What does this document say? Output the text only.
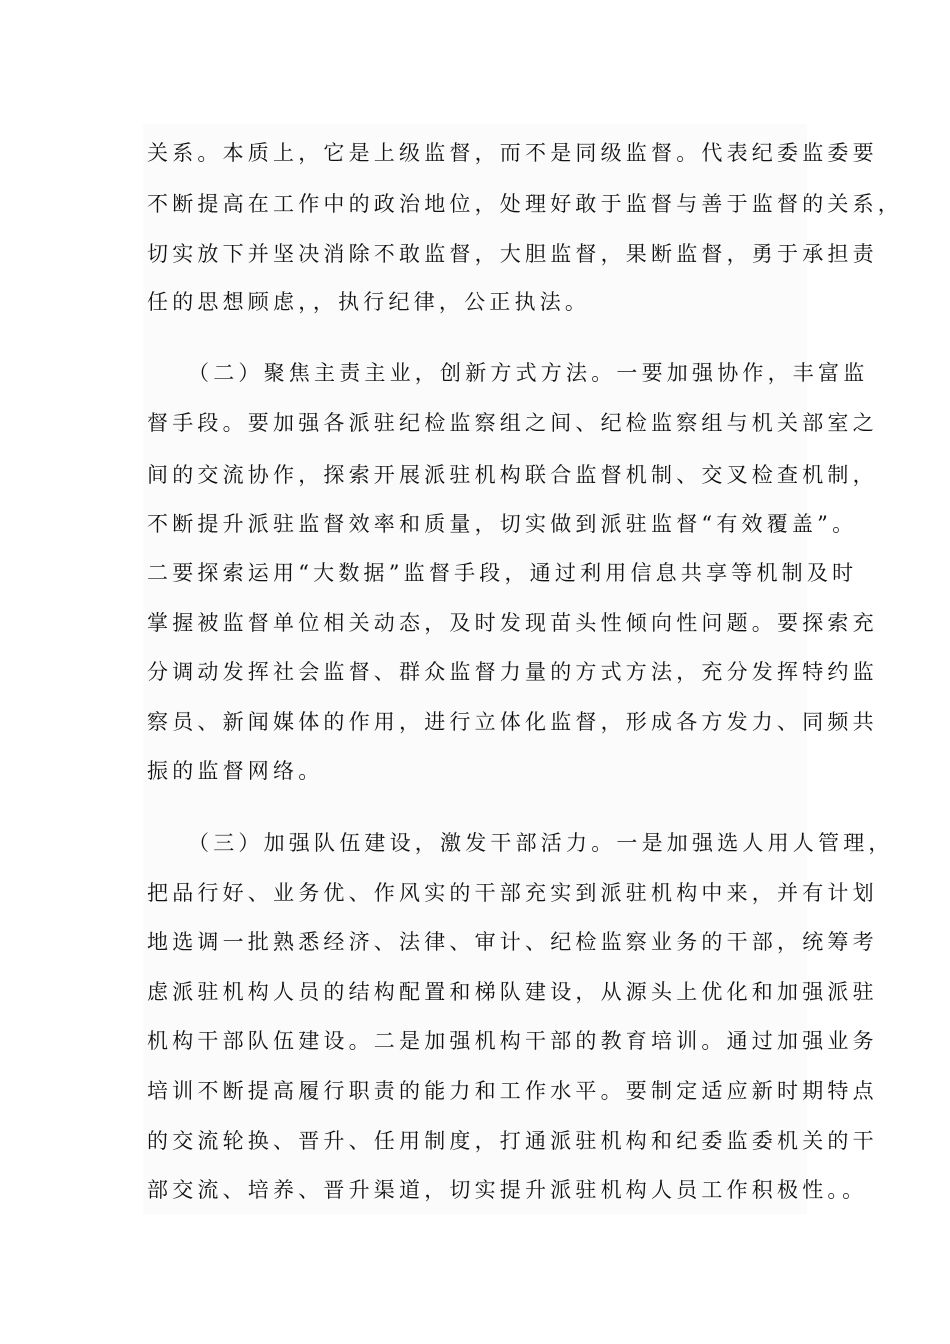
关系。本质上，它是上级监督，而不是同级监督。代表纪委监委要
不断提高在工作中的政治地位，处理好敢于监督与善于监督的关系，
切实放下并坚决消除不敢监督，大胆监督，果断监督，勇于承担责
任的思想顾虑，，执行纪律，公正执法。
（二）聚焦主责主业，创新方式方法。一要加强协作，丰富监
督手段。要加强各派驻纪检监察组之间、纪检监察组与机关部室之
间的交流协作，探索开展派驻机构联合监督机制、交叉检查机制，
不断提升派驻监督效率和质量，切实做到派驻监督“有效覆盖”。
二要探索运用“大数据”监督手段，通过利用信息共享等机制及时
掌握被监督单位相关动态，及时发现苗头性倾向性问题。要探索充
分调动发挥社会监督、群众监督力量的方式方法，充分发挥特约监
察员、新闻媒体的作用，进行立体化监督，形成各方发力、同频共
振的监督网络。
（三）加强队伍建设，激发干部活力。一是加强选人用人管理，
把品行好、业务优、作风实的干部充实到派驻机构中来，并有计划
地选调一批熟悉经济、法律、审计、纪检监察业务的干部，统筹考
虑派驻机构人员的结构配置和梯队建设，从源头上优化和加强派驻
机构干部队伍建设。二是加强机构干部的教育培训。通过加强业务
培训不断提高履行职责的能力和工作水平。要制定适应新时期特点
的交流轮换、晋升、任用制度，打通派驻机构和纪委监委机关的干
部交流、培养、晋升渠道，切实提升派驻机构人员工作积极性。。
